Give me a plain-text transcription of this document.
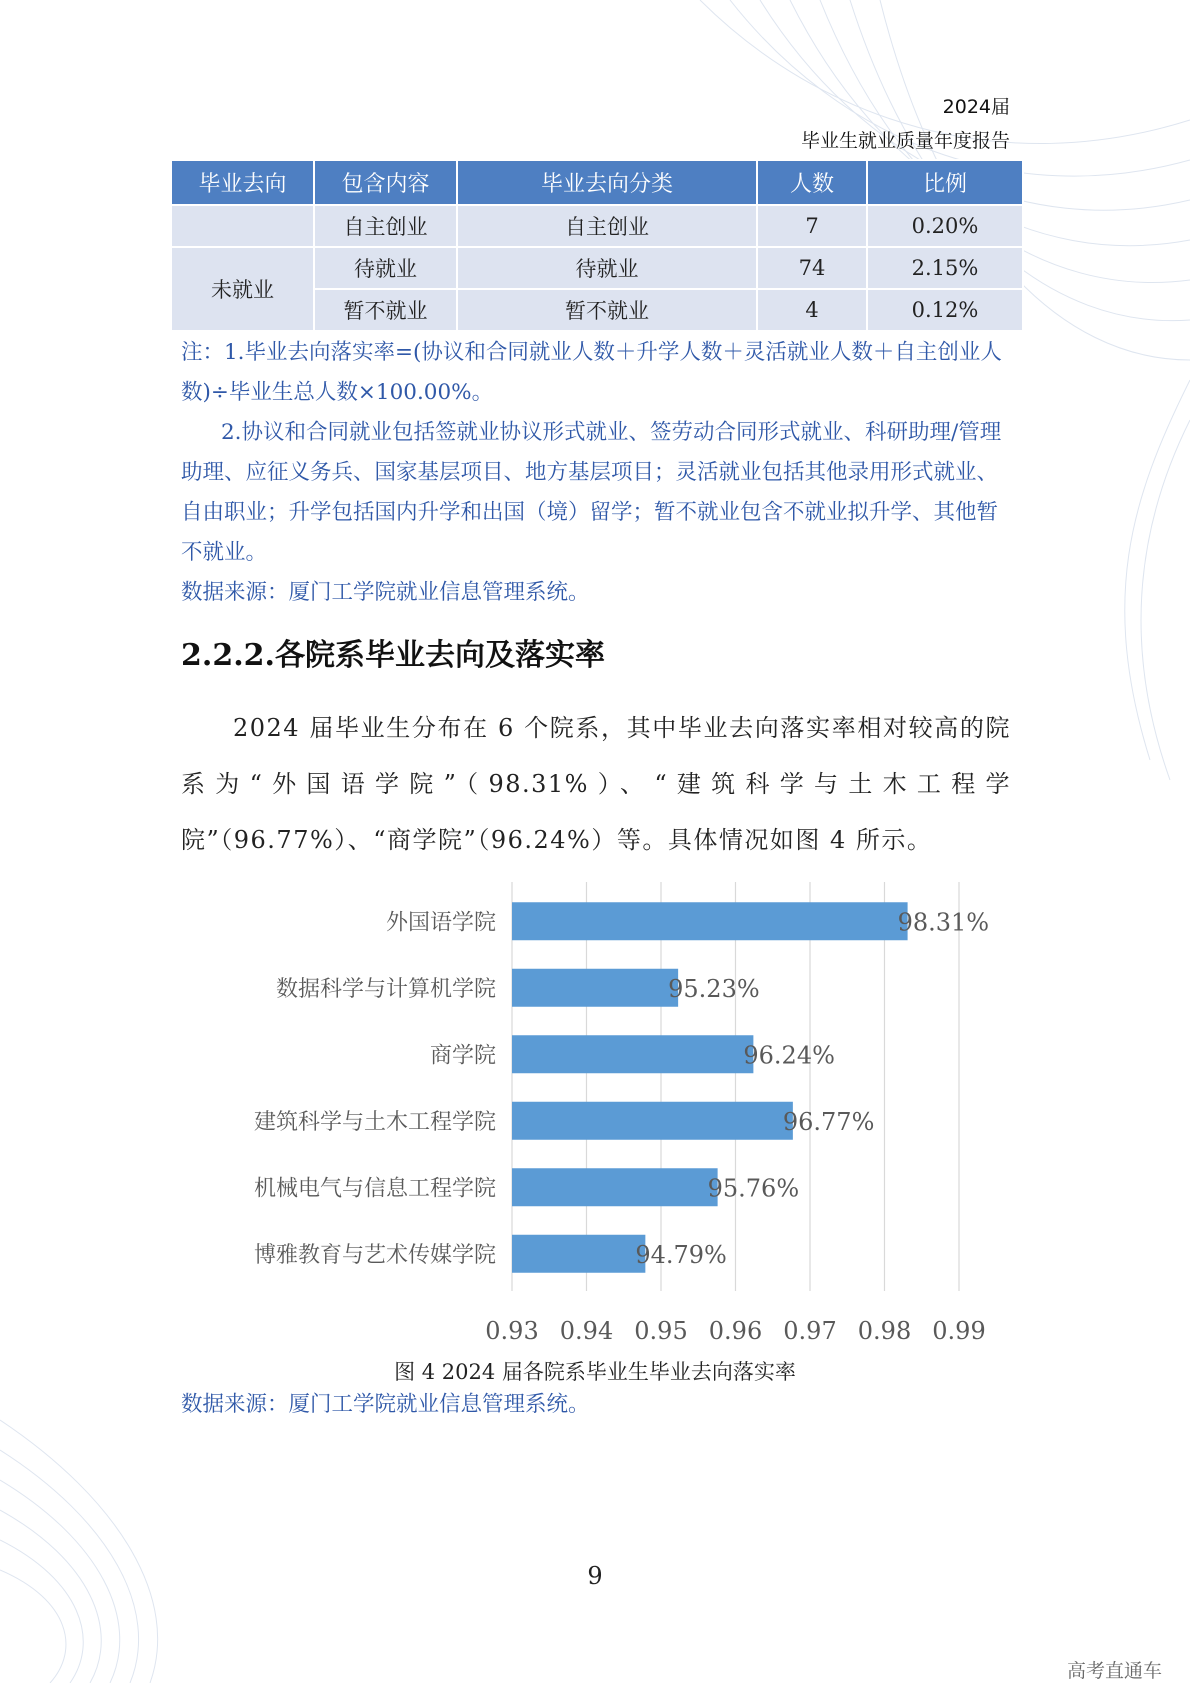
2024届
毕业生就业质量年度报告
毕业去向	包含内容	毕业去向分类	人数	比例
	自主创业	自主创业	7	0.20%
未就业	待就业	待就业	74	2.15%
	暂不就业	暂不就业	4	0.12%

注：1.毕业去向落实率=(协议和合同就业人数＋升学人数＋灵活就业人数＋自主创业人数)÷毕业生总人数×100.00%。

2.协议和合同就业包括签就业协议形式就业、签劳动合同形式就业、科研助理/管理助理、应征义务兵、国家基层项目、地方基层项目；灵活就业包括其他录用形式就业、自由职业；升学包括国内升学和出国（境）留学；暂不就业包含不就业拟升学、其他暂不就业。

数据来源：厦门工学院就业信息管理系统。

2.2.2.各院系毕业去向及落实率

2024 届毕业生分布在 6 个院系，其中毕业去向落实率相对较高的院系为“外国语学院”（98.31%）、“建筑科学与土木工程学院”（96.77%）、“商学院”（96.24%）等。具体情况如图 4 所示。

外国语学院
数据科学与计算机学院
商学院
建筑科学与土木工程学院
机械电气与信息工程学院
博雅教育与艺术传媒学院
98.31%
95.23%
96.24%
96.77%
95.76%
94.79%
0.93 0.94 0.95 0.96 0.97 0.98 0.99
图 4 2024 届各院系毕业生毕业去向落实率
数据来源：厦门工学院就业信息管理系统。
9
高考直通车
